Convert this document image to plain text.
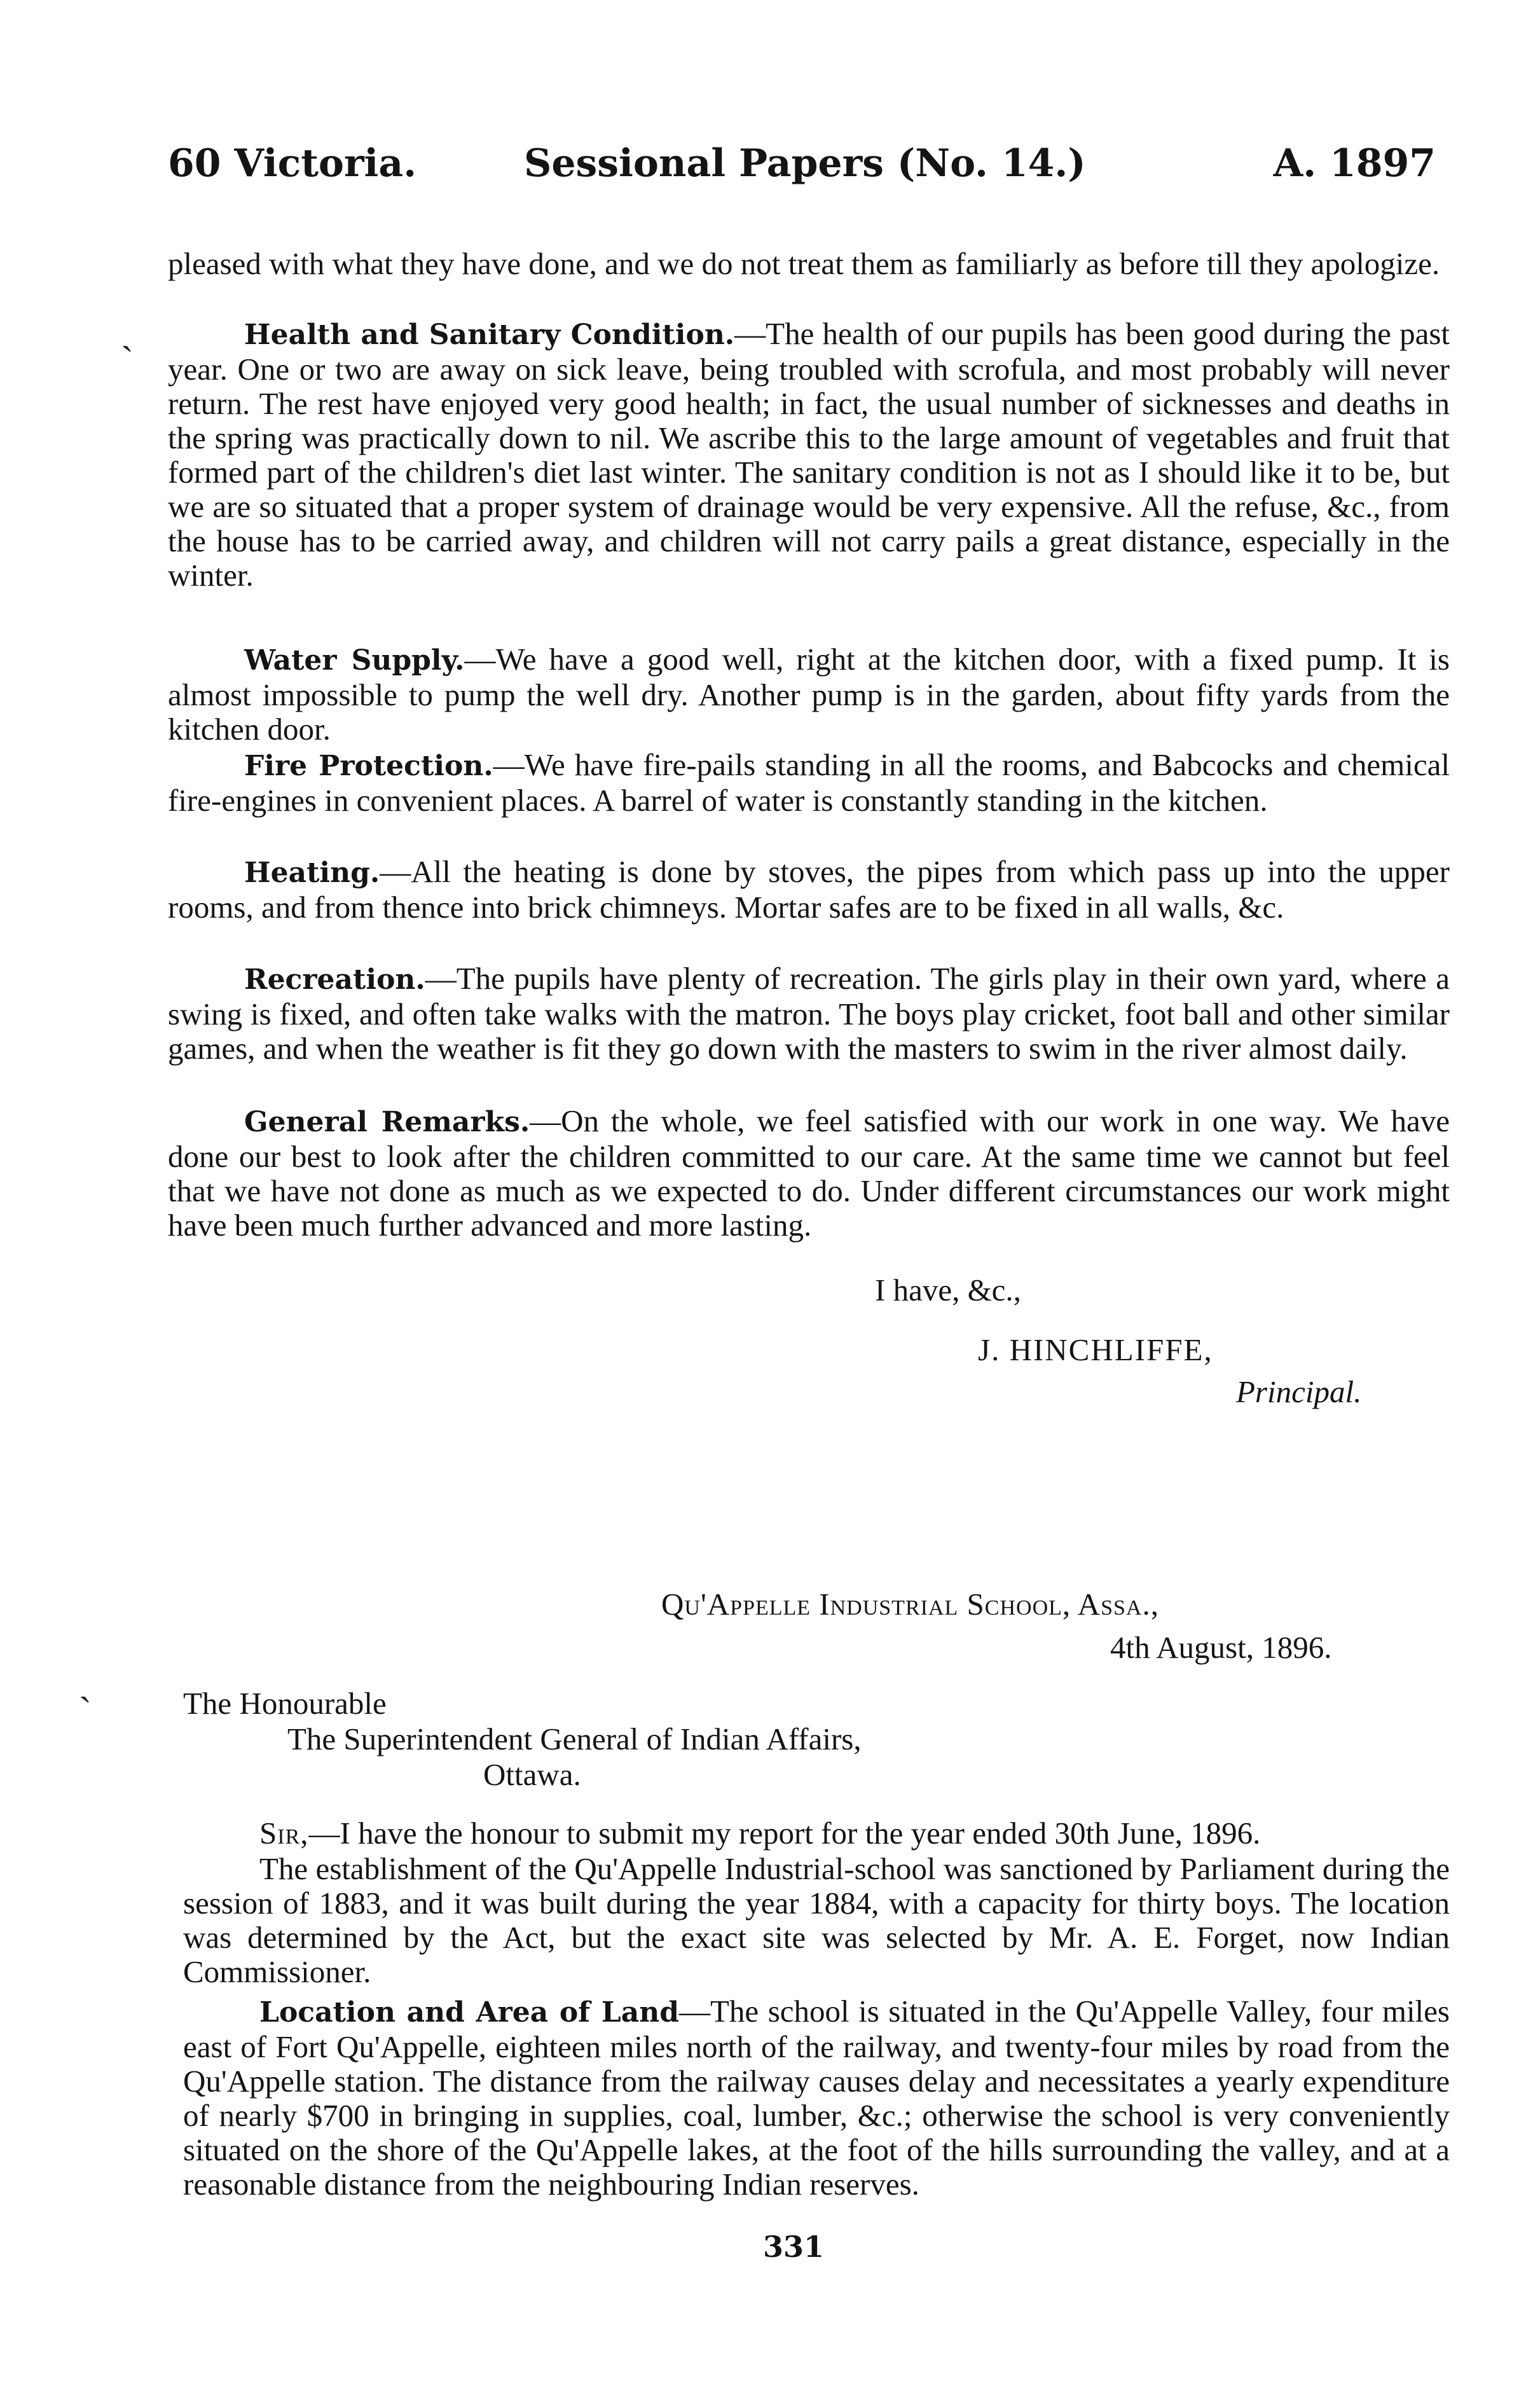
60 Victoria.	Sessional Papers (No. 14.)	A. 1897

pleased with what they have done, and we do not treat them as familiarly as before till they apologize.

ˎ	Health and Sanitary Condition.—The health of our pupils has been good during the past year. One or two are away on sick leave, being troubled with scrofula, and most probably will never return. The rest have enjoyed very good health; in fact, the usual number of sicknesses and deaths in the spring was practically down to nil. We ascribe this to the large amount of vegetables and fruit that formed part of the children's diet last winter. The sanitary condition is not as I should like it to be, but we are so situated that a proper system of drainage would be very expensive. All the refuse, &c., from the house has to be carried away, and children will not carry pails a great distance, especially in the winter.

Water Supply.—We have a good well, right at the kitchen door, with a fixed pump. It is almost impossible to pump the well dry. Another pump is in the garden, about fifty yards from the kitchen door.

Fire Protection.—We have fire-pails standing in all the rooms, and Babcocks and chemical fire-engines in convenient places. A barrel of water is constantly standing in the kitchen.

Heating.—All the heating is done by stoves, the pipes from which pass up into the upper rooms, and from thence into brick chimneys. Mortar safes are to be fixed in all walls, &c.

Recreation.—The pupils have plenty of recreation. The girls play in their own yard, where a swing is fixed, and often take walks with the matron. The boys play cricket, foot ball and other similar games, and when the weather is fit they go down with the masters to swim in the river almost daily.

General Remarks.—On the whole, we feel satisfied with our work in one way. We have done our best to look after the children committed to our care. At the same time we cannot but feel that we have not done as much as we expected to do. Under different circumstances our work might have been much further advanced and more lasting.

I have, &c.,
J. HINCHLIFFE,
Principal.
Qu'Appelle Industrial School, Assa.,
4th August, 1896.
ˎ
The Honourable
The Superintendent General of Indian Affairs,
Ottawa.

Sir,—I have the honour to submit my report for the year ended 30th June, 1896.

The establishment of the Qu'Appelle Industrial-school was sanctioned by Parliament during the session of 1883, and it was built during the year 1884, with a capacity for thirty boys. The location was determined by the Act, but the exact site was selected by Mr. A. E. Forget, now Indian Commissioner.

Location and Area of Land—The school is situated in the Qu'Appelle Valley, four miles east of Fort Qu'Appelle, eighteen miles north of the railway, and twenty-four miles by road from the Qu'Appelle station. The distance from the railway causes delay and necessitates a yearly expenditure of nearly $700 in bringing in supplies, coal, lumber, &c.; otherwise the school is very conveniently situated on the shore of the Qu'Appelle lakes, at the foot of the hills surrounding the valley, and at a reasonable distance from the neighbouring Indian reserves.

331
